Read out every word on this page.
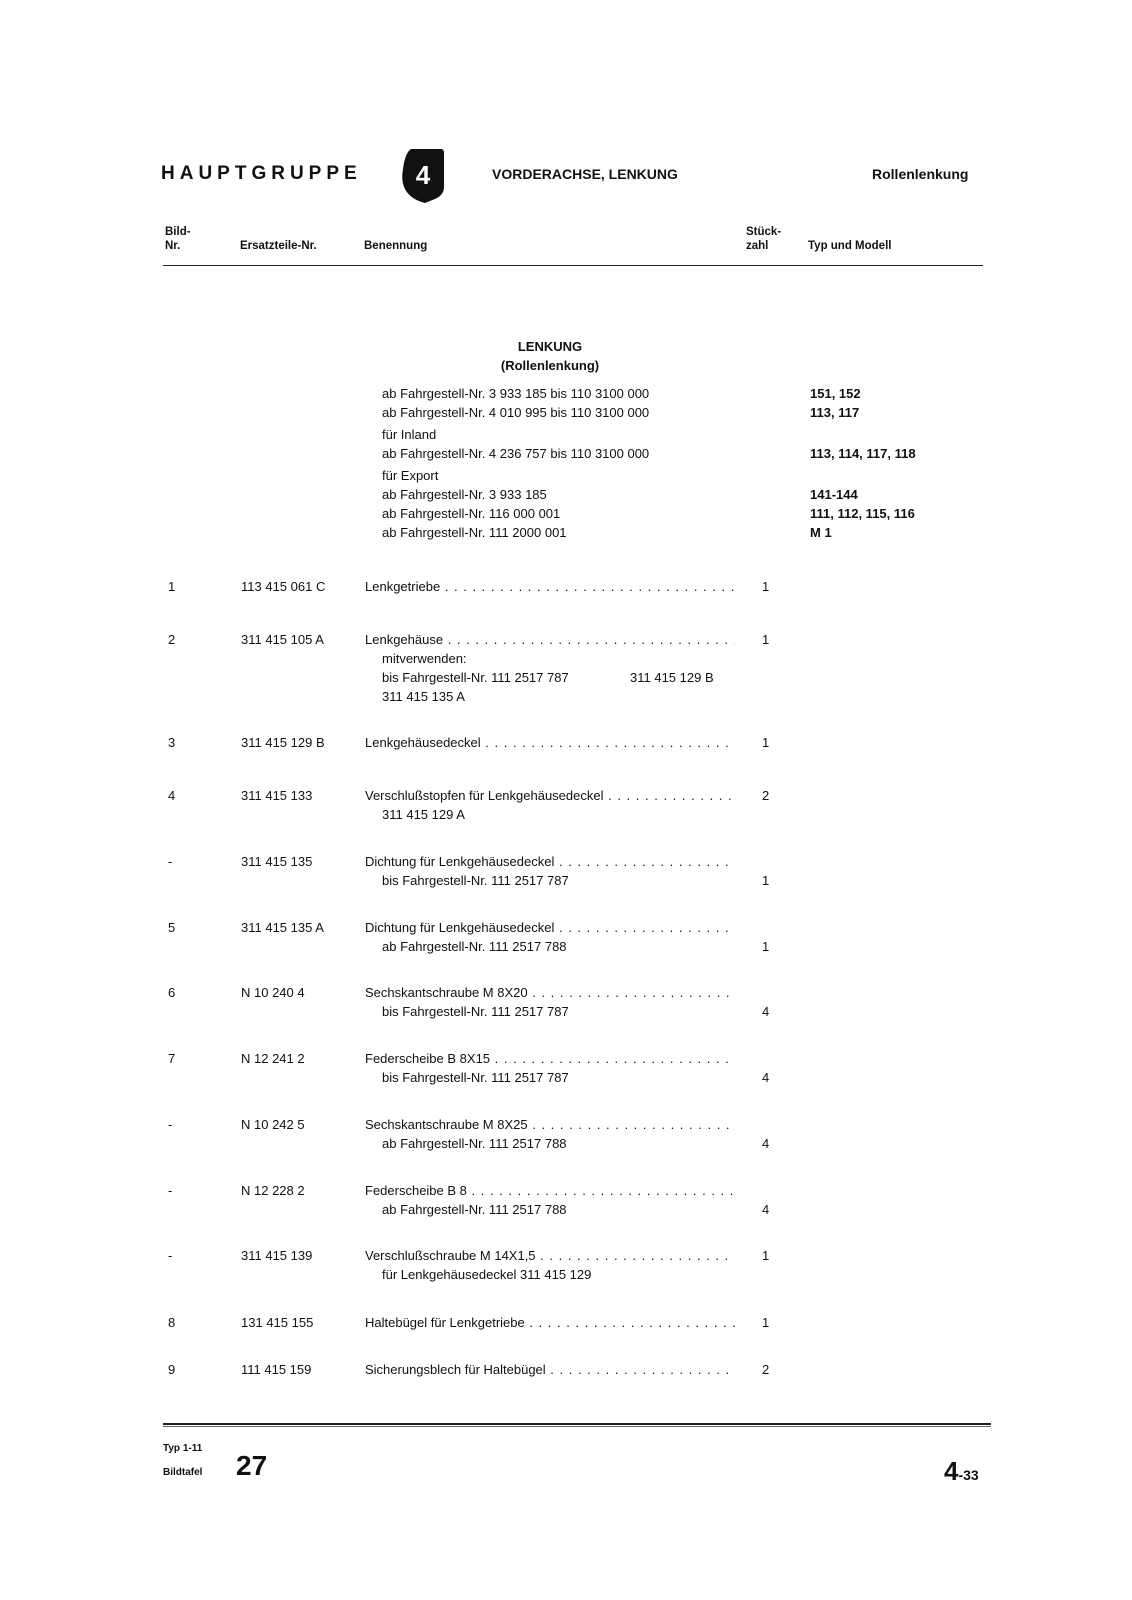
HAUPTGRUPPE 4	VORDERACHSE, LENKUNG	Rollenlenkung
Bild-
Nr.	Ersatzteile-Nr.	Benennung
Stück-
zahl	Typ und Modell
LENKUNG
(Rollenlenkung)
ab Fahrgestell-Nr. 3 933 185 bis 110 3100 000	151, 152
ab Fahrgestell-Nr. 4 010 995 bis 110 3100 000	113, 117
für Inland
ab Fahrgestell-Nr. 4 236 757 bis 110 3100 000	113, 114, 117, 118
für Export
ab Fahrgestell-Nr. 3 933 185	141-144
ab Fahrgestell-Nr. 116 000 001	111, 112, 115, 116
ab Fahrgestell-Nr. 111 2000 001	M 1
1	113 415 061 C	Lenkgetriebe . . .	1
2	311 415 105 A	Lenkgehäuse . . .	1
mitverwenden:
bis Fahrgestell-Nr. 111 2517 787	311 415 129 B
311 415 135 A
3	311 415 129 B	Lenkgehäusedeckel . . .	1
4	311 415 133	Verschlußstopfen für Lenkgehäusedeckel . . .	2
311 415 129 A
-	311 415 135	Dichtung für Lenkgehäusedeckel . . .
bis Fahrgestell-Nr. 111 2517 787	1
5	311 415 135 A	Dichtung für Lenkgehäusedeckel . . .
ab Fahrgestell-Nr. 111 2517 788	1
6	N 10 240 4	Sechskantschraube M 8X20 . . .
bis Fahrgestell-Nr. 111 2517 787	4
7	N 12 241 2	Federscheibe B 8X15 . . .
bis Fahrgestell-Nr. 111 2517 787	4
-	N 10 242 5	Sechskantschraube M 8X25 . . .
ab Fahrgestell-Nr. 111 2517 788	4
-	N 12 228 2	Federscheibe B 8 . . .
ab Fahrgestell-Nr. 111 2517 788	4
-	311 415 139	Verschlußschraube M 14X1,5 . . .	1
für Lenkgehäusedeckel 311 415 129
8	131 415 155	Haltebügel für Lenkgetriebe . . .	1
9	111 415 159	Sicherungsblech für Haltebügel . . .	2
Typ 1-11
Bildtafel 27	4-33
